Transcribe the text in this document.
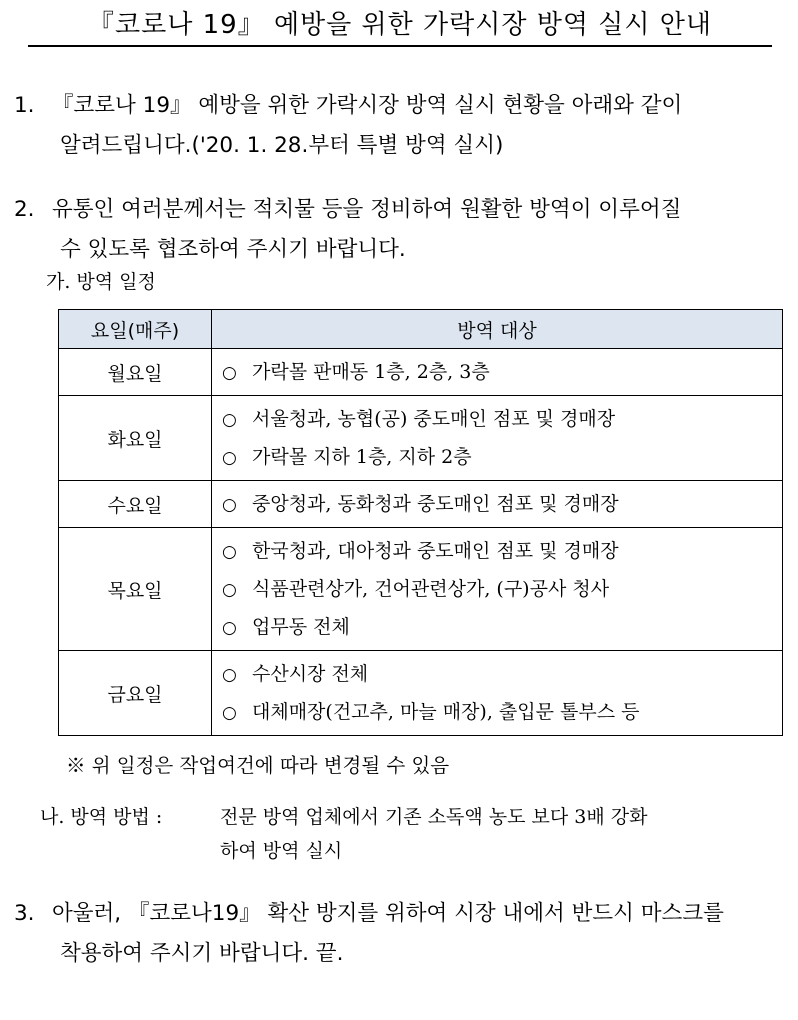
『코로나 19』 예방을 위한 가락시장 방역 실시 안내
1. 『코로나 19』 예방을 위한 가락시장 방역 실시 현황을 아래와 같이
알려드립니다.('20. 1. 28.부터 특별 방역 실시)
2. 유통인 여러분께서는 적치물 등을 정비하여 원활한 방역이 이루어질
수 있도록 협조하여 주시기 바랍니다.
가. 방역 일정
요일(매주)	방역 대상
월요일	○ 가락몰 판매동 1층, 2층, 3층

화요일	○ 서울청과, 농협(공) 중도매인 점포 및 경매장
○ 가락몰 지하 1층, 지하 2층

수요일	○ 중앙청과, 동화청과 중도매인 점포 및 경매장

목요일	○ 한국청과, 대아청과 중도매인 점포 및 경매장
○ 식품관련상가, 건어관련상가, (구)공사 청사
○ 업무동 전체

금요일	○ 수산시장 전체
○ 대체매장(건고추, 마늘 매장), 출입문 톨부스 등
※ 위 일정은 작업여건에 따라 변경될 수 있음
나. 방역 방법 :	전문 방역 업체에서 기존 소독액 농도 보다 3배 강화
하여 방역 실시
3. 아울러, 『코로나19』 확산 방지를 위하여 시장 내에서 반드시 마스크를
착용하여 주시기 바랍니다. 끝.
